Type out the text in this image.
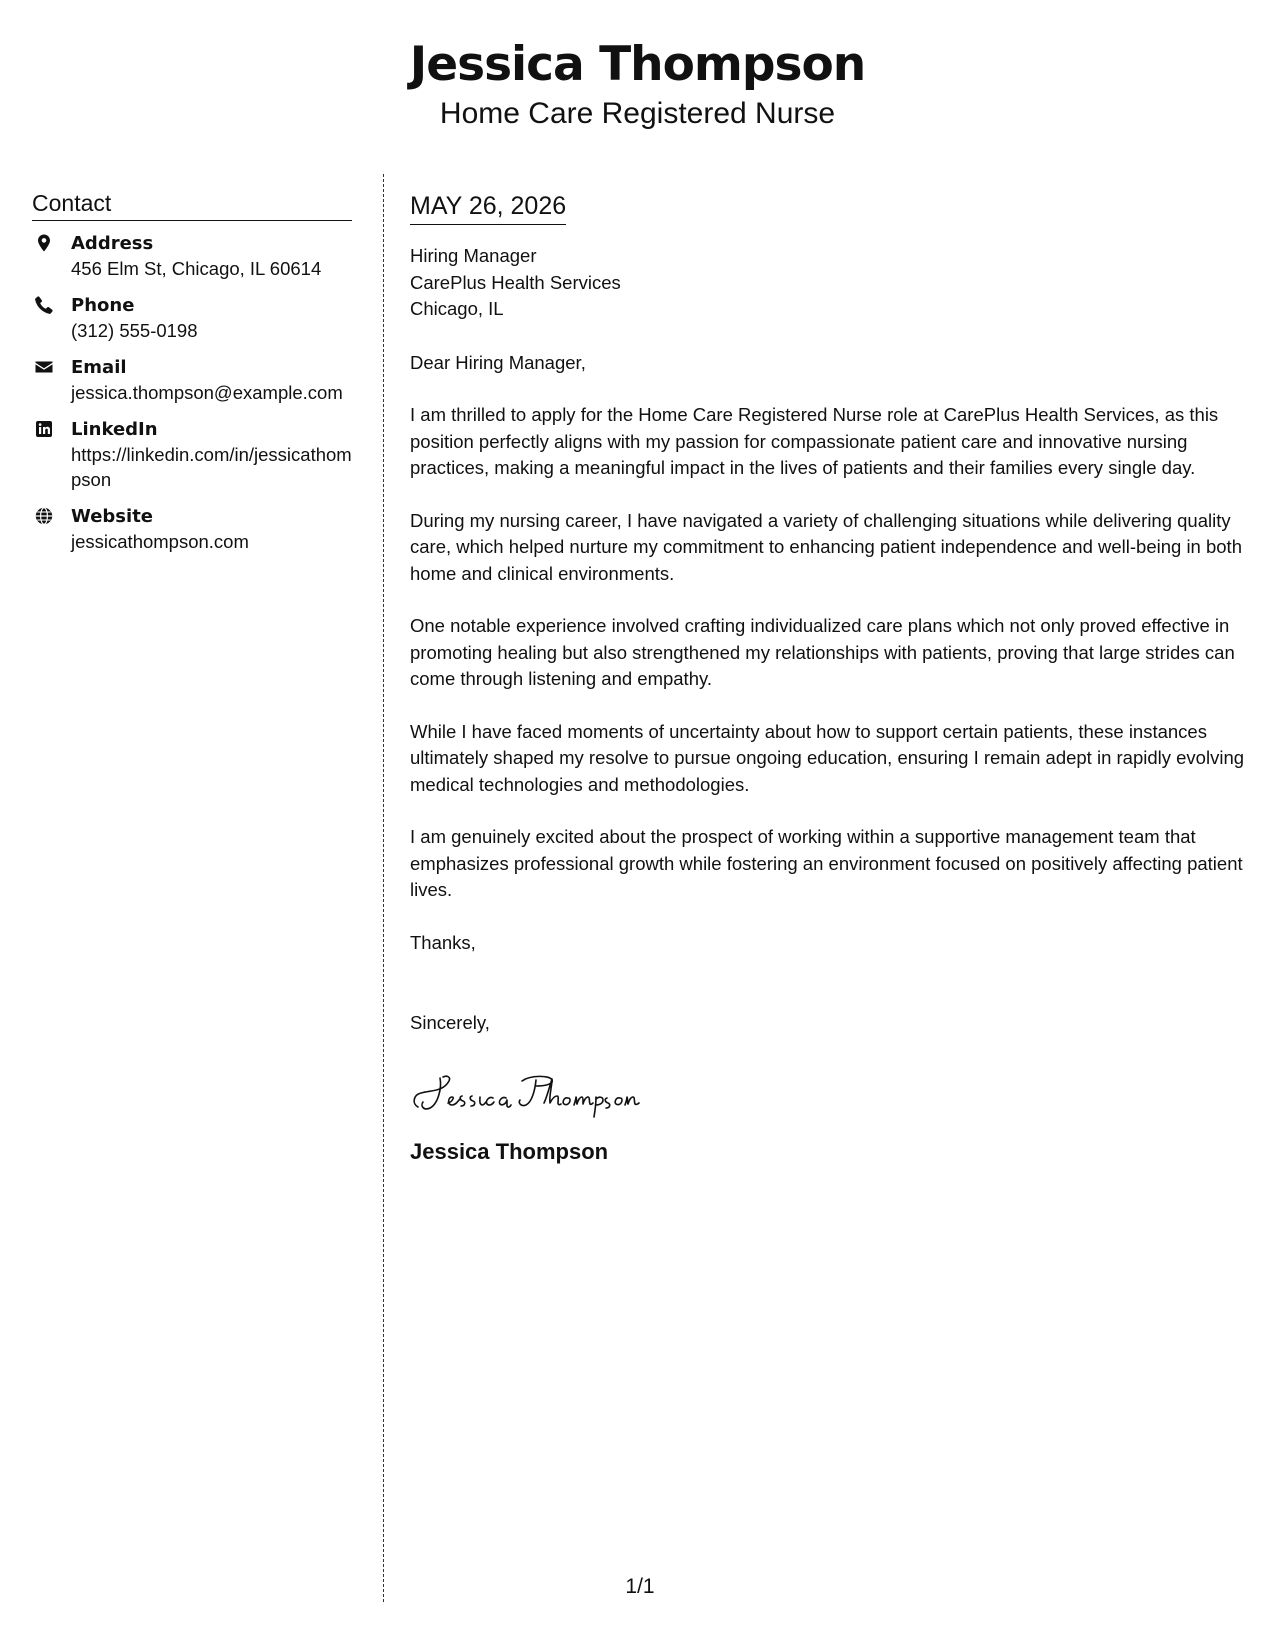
Jessica Thompson
Home Care Registered Nurse
Contact
Address
456 Elm St, Chicago, IL 60614
Phone
(312) 555-0198
Email
jessica.thompson@example.com
LinkedIn
https://linkedin.com/in/jessicathompson
Website
jessicathompson.com
MAY 26, 2026
Hiring Manager
CarePlus Health Services
Chicago, IL
Dear Hiring Manager,
I am thrilled to apply for the Home Care Registered Nurse role at CarePlus Health Services, as this position perfectly aligns with my passion for compassionate patient care and innovative nursing practices, making a meaningful impact in the lives of patients and their families every single day.
During my nursing career, I have navigated a variety of challenging situations while delivering quality care, which helped nurture my commitment to enhancing patient independence and well-being in both home and clinical environments.
One notable experience involved crafting individualized care plans which not only proved effective in promoting healing but also strengthened my relationships with patients, proving that large strides can come through listening and empathy.
While I have faced moments of uncertainty about how to support certain patients, these instances ultimately shaped my resolve to pursue ongoing education, ensuring I remain adept in rapidly evolving medical technologies and methodologies.
I am genuinely excited about the prospect of working within a supportive management team that emphasizes professional growth while fostering an environment focused on positively affecting patient lives.
Thanks,
Sincerely,
Jessica Thompson
1/1
